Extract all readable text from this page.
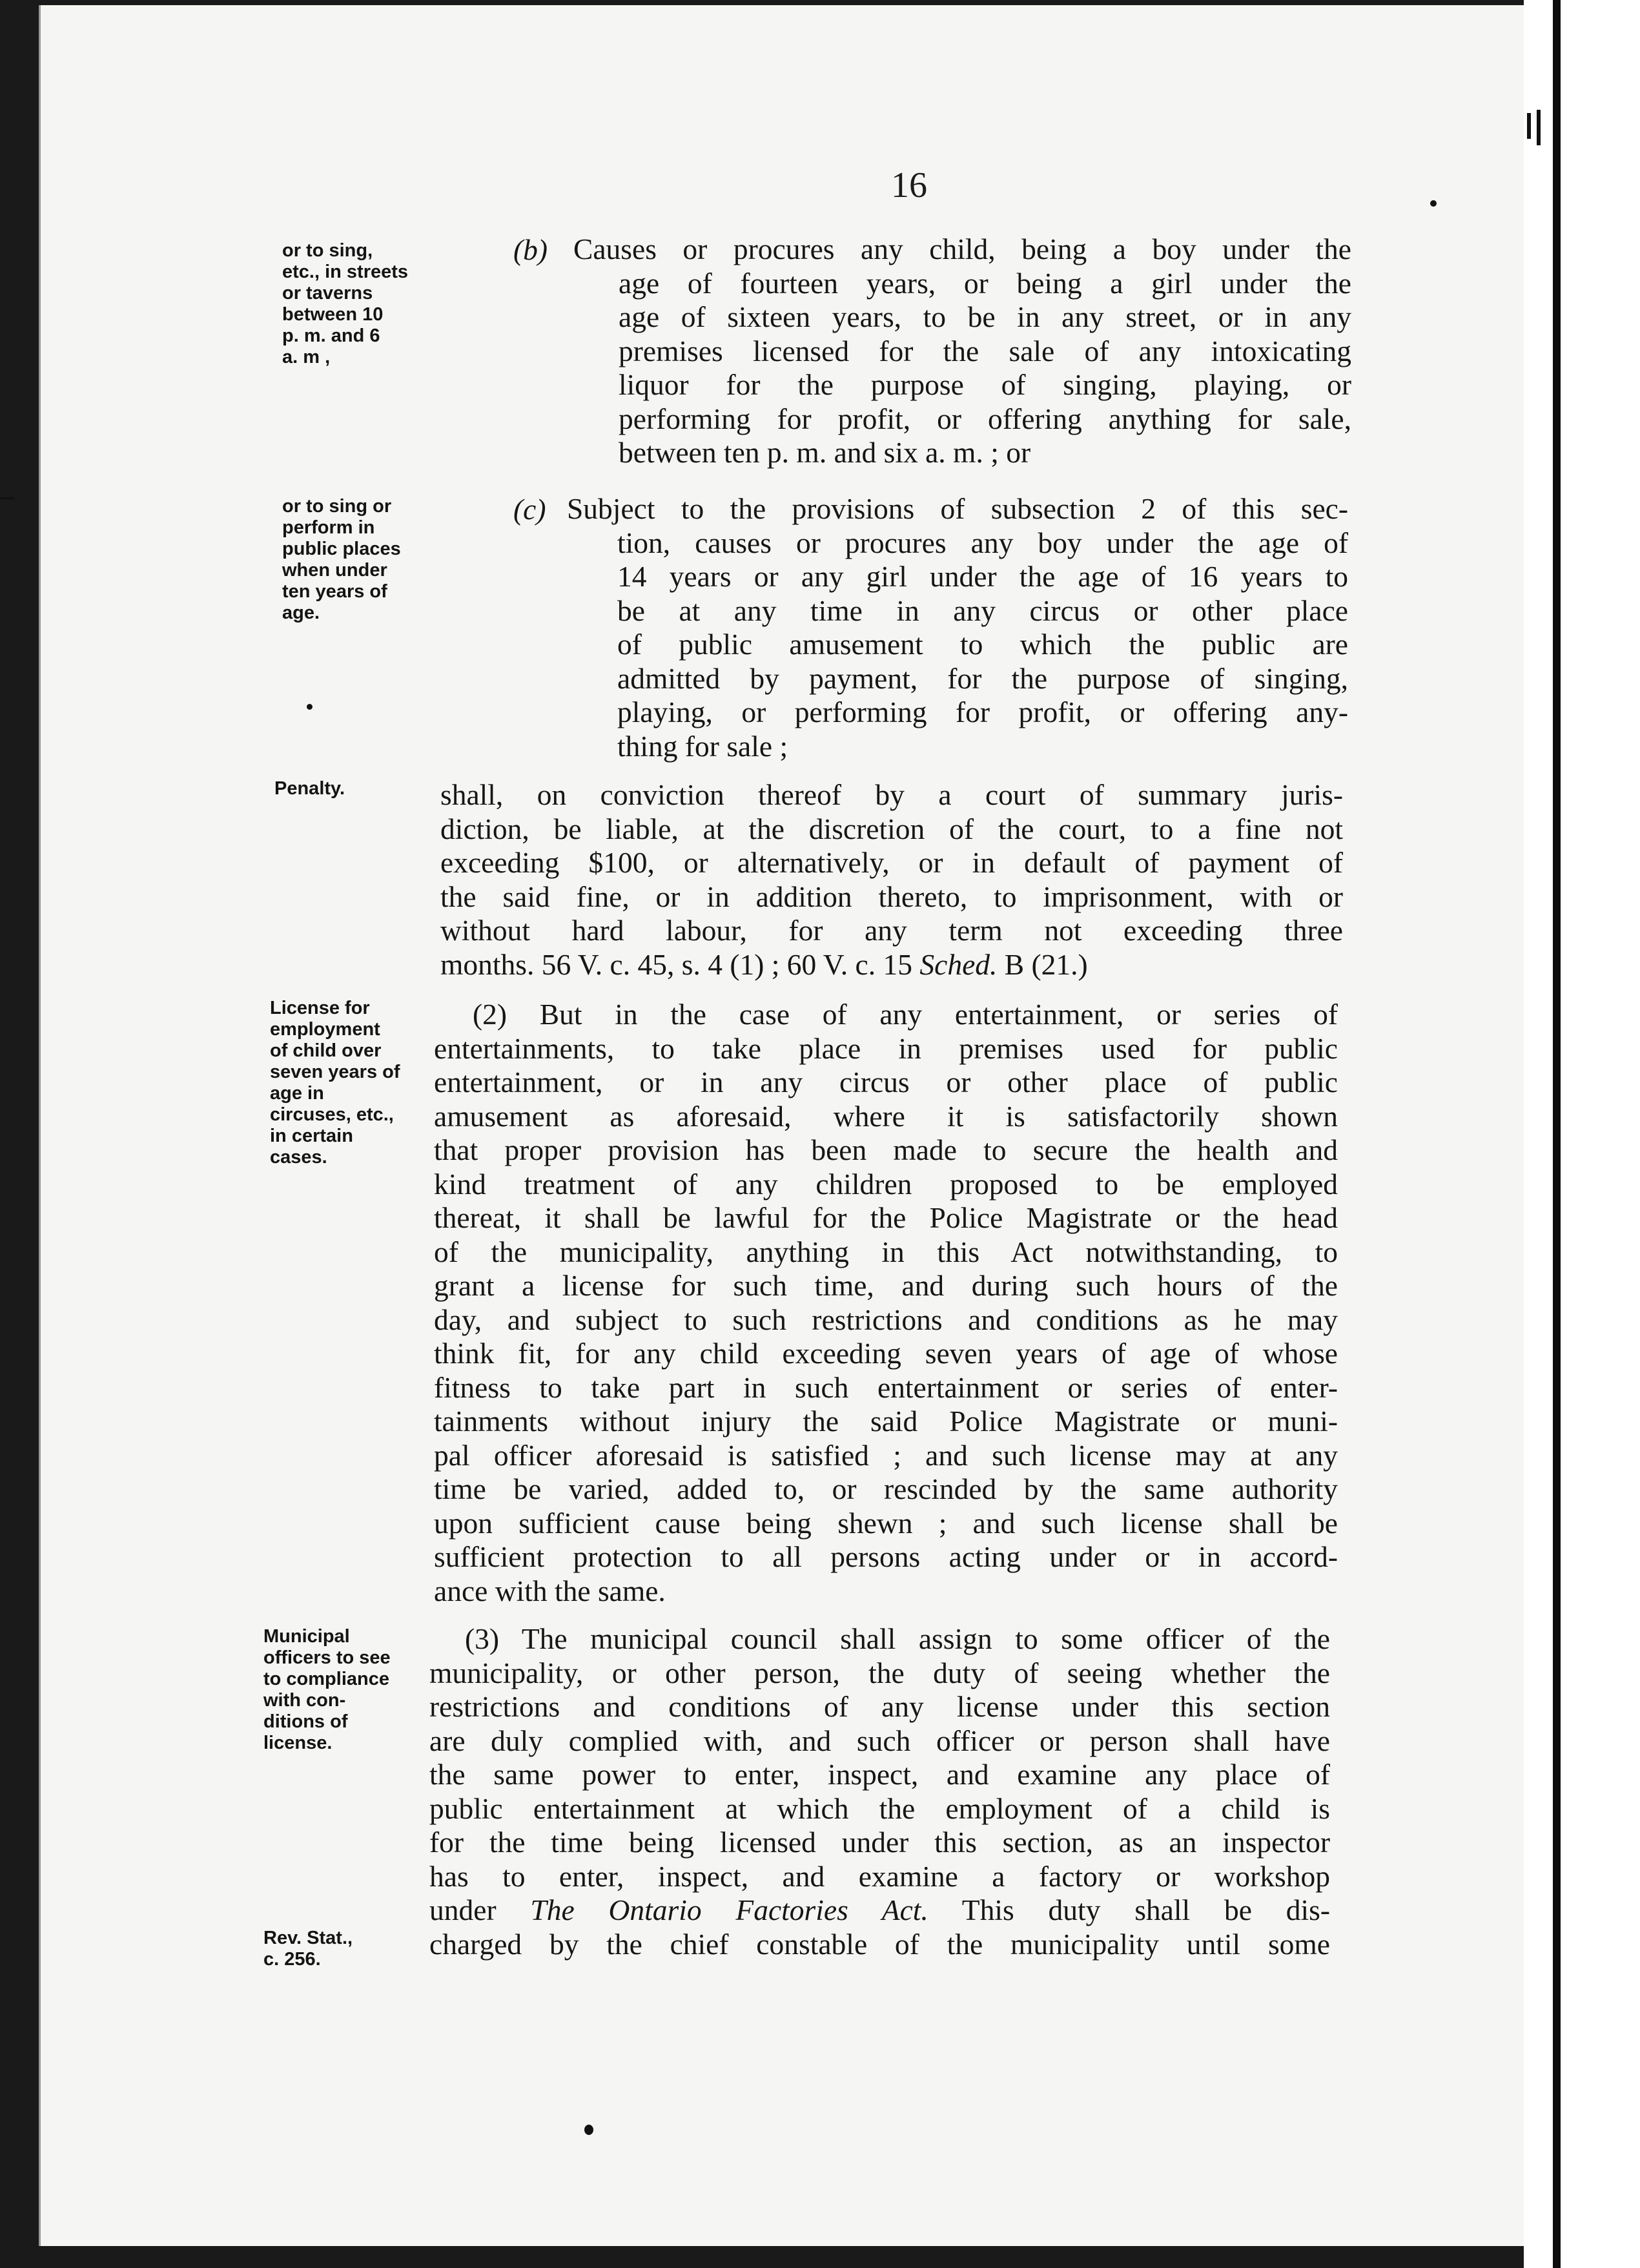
16
or to sing,
etc., in streets
or taverns
between 10
p. m. and 6
a. m ,
or to sing or
perform in
public places
when under
ten years of
age.
Penalty.
License for
employment
of child over
seven years of
age in
circuses, etc.,
in certain
cases.
Municipal
officers to see
to compliance
with con-
ditions of
license.
Rev. Stat.,
c. 256.
(b) Causes or procures any child, being a boy under the
age of fourteen years, or being a girl under the
age of sixteen years, to be in any street, or in any
premises licensed for the sale of any intoxicating
liquor for the purpose of singing, playing, or
performing for profit, or offering anything for sale,
between ten p. m. and six a. m. ; or
(c) Subject to the provisions of subsection 2 of this sec-
tion, causes or procures any boy under the age of
14 years or any girl under the age of 16 years to
be at any time in any circus or other place
of public amusement to which the public are
admitted by payment, for the purpose of singing,
playing, or performing for profit, or offering any-
thing for sale ;
shall, on conviction thereof by a court of summary juris-
diction, be liable, at the discretion of the court, to a fine not
exceeding $100, or alternatively, or in default of payment of
the said fine, or in addition thereto, to imprisonment, with or
without hard labour, for any term not exceeding three
months. 56 V. c. 45, s. 4 (1) ; 60 V. c. 15 Sched. B (21.)
(2) But in the case of any entertainment, or series of
entertainments, to take place in premises used for public
entertainment, or in any circus or other place of public
amusement as aforesaid, where it is satisfactorily shown
that proper provision has been made to secure the health and
kind treatment of any children proposed to be employed
thereat, it shall be lawful for the Police Magistrate or the head
of the municipality, anything in this Act notwithstanding, to
grant a license for such time, and during such hours of the
day, and subject to such restrictions and conditions as he may
think fit, for any child exceeding seven years of age of whose
fitness to take part in such entertainment or series of enter-
tainments without injury the said Police Magistrate or muni-
pal officer aforesaid is satisfied ; and such license may at any
time be varied, added to, or rescinded by the same authority
upon sufficient cause being shewn ; and such license shall be
sufficient protection to all persons acting under or in accord-
ance with the same.
(3) The municipal council shall assign to some officer of the
municipality, or other person, the duty of seeing whether the
restrictions and conditions of any license under this section
are duly complied with, and such officer or person shall have
the same power to enter, inspect, and examine any place of
public entertainment at which the employment of a child is
for the time being licensed under this section, as an inspector
has to enter, inspect, and examine a factory or workshop
under The Ontario Factories Act. This duty shall be dis-
charged by the chief constable of the municipality until some
